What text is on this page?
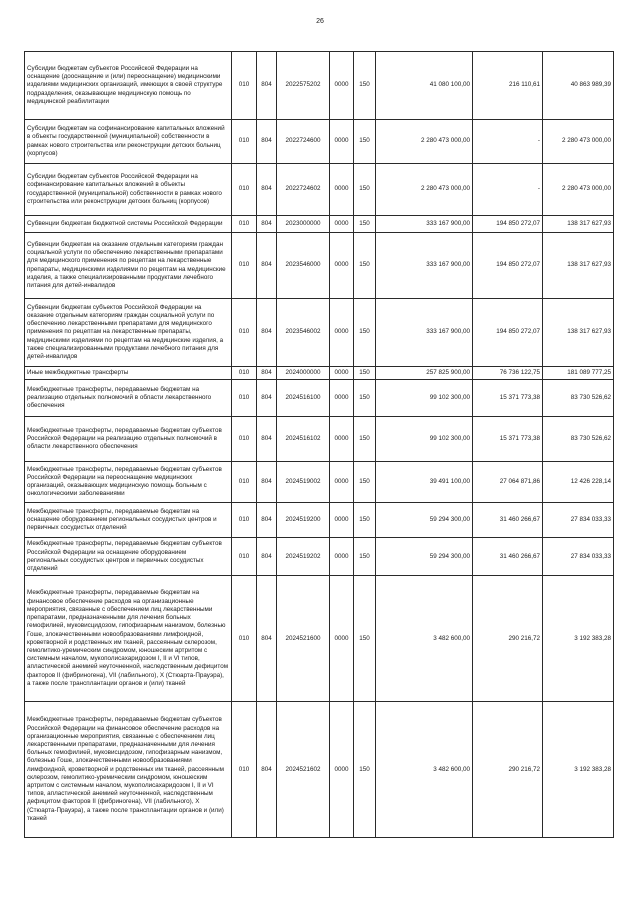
26
Субсидии бюджетам субъектов Российской Федерации на оснащение (дооснащение и (или) переоснащение) медицинскими изделиями медицинских организаций, имеющих в своей структуре подразделения, оказывающие медицинскую помощь по медицинской реабилитации	010	804	2022575202	0000	150	41 080 100,00	216 110,61	40 863 989,39
Субсидии бюджетам на софинансирование капитальных вложений в объекты государственной (муниципальной) собственности в рамках нового строительства или реконструкции детских больниц (корпусов)	010	804	2022724600	0000	150	2 280 473 000,00	-	2 280 473 000,00
Субсидии бюджетам субъектов Российской Федерации на софинансирование капитальных вложений в объекты государственной (муниципальной) собственности в рамках нового строительства или реконструкции детских больниц (корпусов)	010	804	2022724602	0000	150	2 280 473 000,00	-	2 280 473 000,00
Субвенции бюджетам бюджетной системы Российской Федерации	010	804	2023000000	0000	150	333 167 900,00	194 850 272,07	138 317 627,93
Субвенции бюджетам на оказание отдельным категориям граждан социальной услуги по обеспечению лекарственными препаратами для медицинского применения по рецептам на лекарственные препараты, медицинскими изделиями по рецептам на медицинские изделия, а также специализированными продуктами лечебного питания для детей-инвалидов	010	804	2023546000	0000	150	333 167 900,00	194 850 272,07	138 317 627,93
Субвенции бюджетам субъектов Российской Федерации на оказание отдельным категориям граждан социальной услуги по обеспечению лекарственными препаратами для медицинского применения по рецептам на лекарственные препараты, медицинскими изделиями по рецептам на медицинские изделия, а также специализированными продуктами лечебного питания для детей-инвалидов	010	804	2023546002	0000	150	333 167 900,00	194 850 272,07	138 317 627,93
Иные межбюджетные трансферты	010	804	2024000000	0000	150	257 825 900,00	76 736 122,75	181 089 777,25
Межбюджетные трансферты, передаваемые бюджетам на реализацию отдельных полномочий в области лекарственного обеспечения	010	804	2024516100	0000	150	99 102 300,00	15 371 773,38	83 730 526,62
Межбюджетные трансферты, передаваемые бюджетам субъектов Российской Федерации на реализацию отдельных полномочий в области лекарственного обеспечения	010	804	2024516102	0000	150	99 102 300,00	15 371 773,38	83 730 526,62
Межбюджетные трансферты, передаваемые бюджетам субъектов Российской Федерации на переоснащение медицинских организаций, оказывающих медицинскую помощь больным с онкологическими заболеваниями	010	804	2024519002	0000	150	39 491 100,00	27 064 871,86	12 426 228,14
Межбюджетные трансферты, передаваемые бюджетам на оснащение оборудованием региональных сосудистых центров и первичных сосудистых отделений	010	804	2024519200	0000	150	59 294 300,00	31 460 266,67	27 834 033,33
Межбюджетные трансферты, передаваемые бюджетам субъектов Российской Федерации на оснащение оборудованием региональных сосудистых центров и первичных сосудистых отделений	010	804	2024519202	0000	150	59 294 300,00	31 460 266,67	27 834 033,33
Межбюджетные трансферты, передаваемые бюджетам на финансовое обеспечение расходов на организационные мероприятия, связанные с обеспечением лиц лекарственными препаратами, предназначенными для лечения больных гемофилией, муковисцидозом, гипофизарным нанизмом, болезнью Гоше, злокачественными новообразованиями лимфоидной, кроветворной и родственных им тканей, рассеянным склерозом, гемолитико-уремическим синдромом, юношеским артритом с системным началом, мукополисахаридозом I, II и VI типов, апластической анемией неуточненной, наследственным дефицитом факторов II (фибриногена), VII (лабильного), X (Стюарта-Прауэра), а также после трансплантации органов и (или) тканей	010	804	2024521600	0000	150	3 482 600,00	290 216,72	3 192 383,28
Межбюджетные трансферты, передаваемые бюджетам субъектов Российской Федерации на финансовое обеспечение расходов на организационные мероприятия, связанные с обеспечением лиц лекарственными препаратами, предназначенными для лечения больных гемофилией, муковисцидозом, гипофизарным нанизмом, болезнью Гоше, злокачественными новообразованиями лимфоидной, кроветворной и родственных им тканей, рассеянным склерозом, гемолитико-уремическим синдромом, юношеским артритом с системным началом, мукополисахаридозом I, II и VI типов, апластической анемией неуточненной, наследственным дефицитом факторов II (фибриногена), VII (лабильного), X (Стюарта-Прауэра), а также после трансплантации органов и (или) тканей	010	804	2024521602	0000	150	3 482 600,00	290 216,72	3 192 383,28
